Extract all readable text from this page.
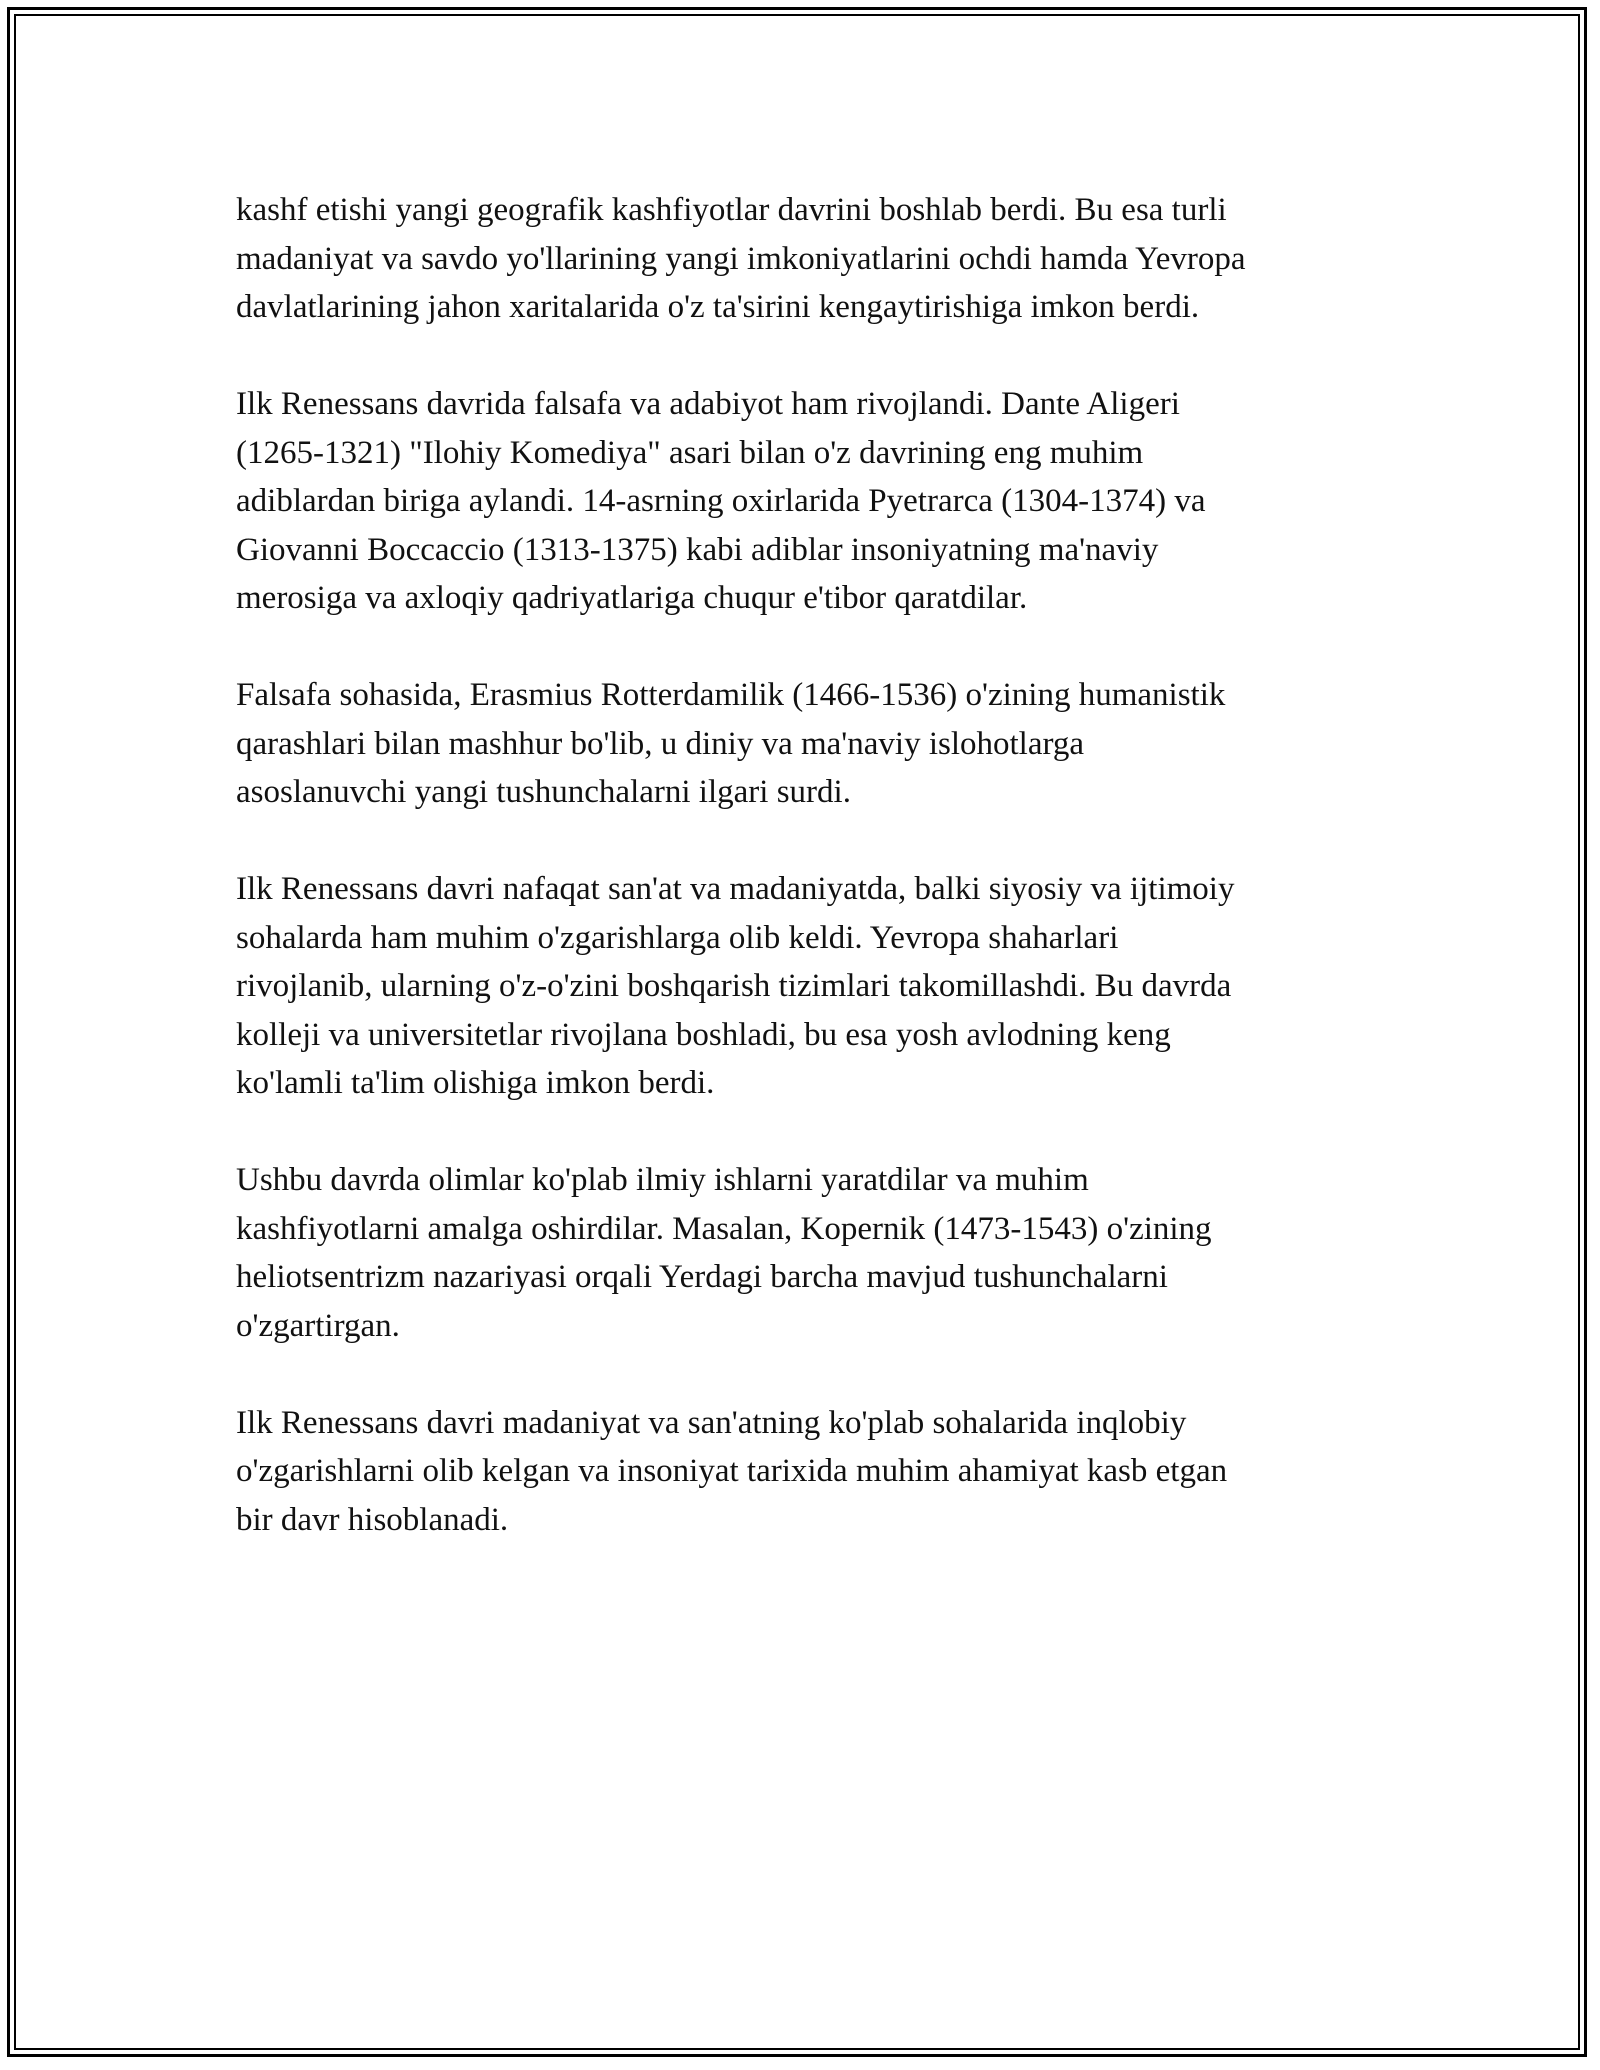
kashf etishi yangi geografik kashfiyotlar davrini boshlab berdi. Bu esa turli
madaniyat va savdo yo'llarining yangi imkoniyatlarini ochdi hamda Yevropa
davlatlarining jahon xaritalarida o'z ta'sirini kengaytirishiga imkon berdi.

Ilk Renessans davrida falsafa va adabiyot ham rivojlandi. Dante Aligeri
(1265-1321) "Ilohiy Komediya" asari bilan o'z davrining eng muhim
adiblardan biriga aylandi. 14-asrning oxirlarida Pyetrarca (1304-1374) va
Giovanni Boccaccio (1313-1375) kabi adiblar insoniyatning ma'naviy
merosiga va axloqiy qadriyatlariga chuqur e'tibor qaratdilar.

Falsafa sohasida, Erasmius Rotterdamilik (1466-1536) o'zining humanistik
qarashlari bilan mashhur bo'lib, u diniy va ma'naviy islohotlarga
asoslanuvchi yangi tushunchalarni ilgari surdi.

Ilk Renessans davri nafaqat san'at va madaniyatda, balki siyosiy va ijtimoiy
sohalarda ham muhim o'zgarishlarga olib keldi. Yevropa shaharlari
rivojlanib, ularning o'z-o'zini boshqarish tizimlari takomillashdi. Bu davrda
kolleji va universitetlar rivojlana boshladi, bu esa yosh avlodning keng
ko'lamli ta'lim olishiga imkon berdi.

Ushbu davrda olimlar ko'plab ilmiy ishlarni yaratdilar va muhim
kashfiyotlarni amalga oshirdilar. Masalan, Kopernik (1473-1543) o'zining
heliotsentrizm nazariyasi orqali Yerdagi barcha mavjud tushunchalarni
o'zgartirgan.

Ilk Renessans davri madaniyat va san'atning ko'plab sohalarida inqlobiy
o'zgarishlarni olib kelgan va insoniyat tarixida muhim ahamiyat kasb etgan
bir davr hisoblanadi.
